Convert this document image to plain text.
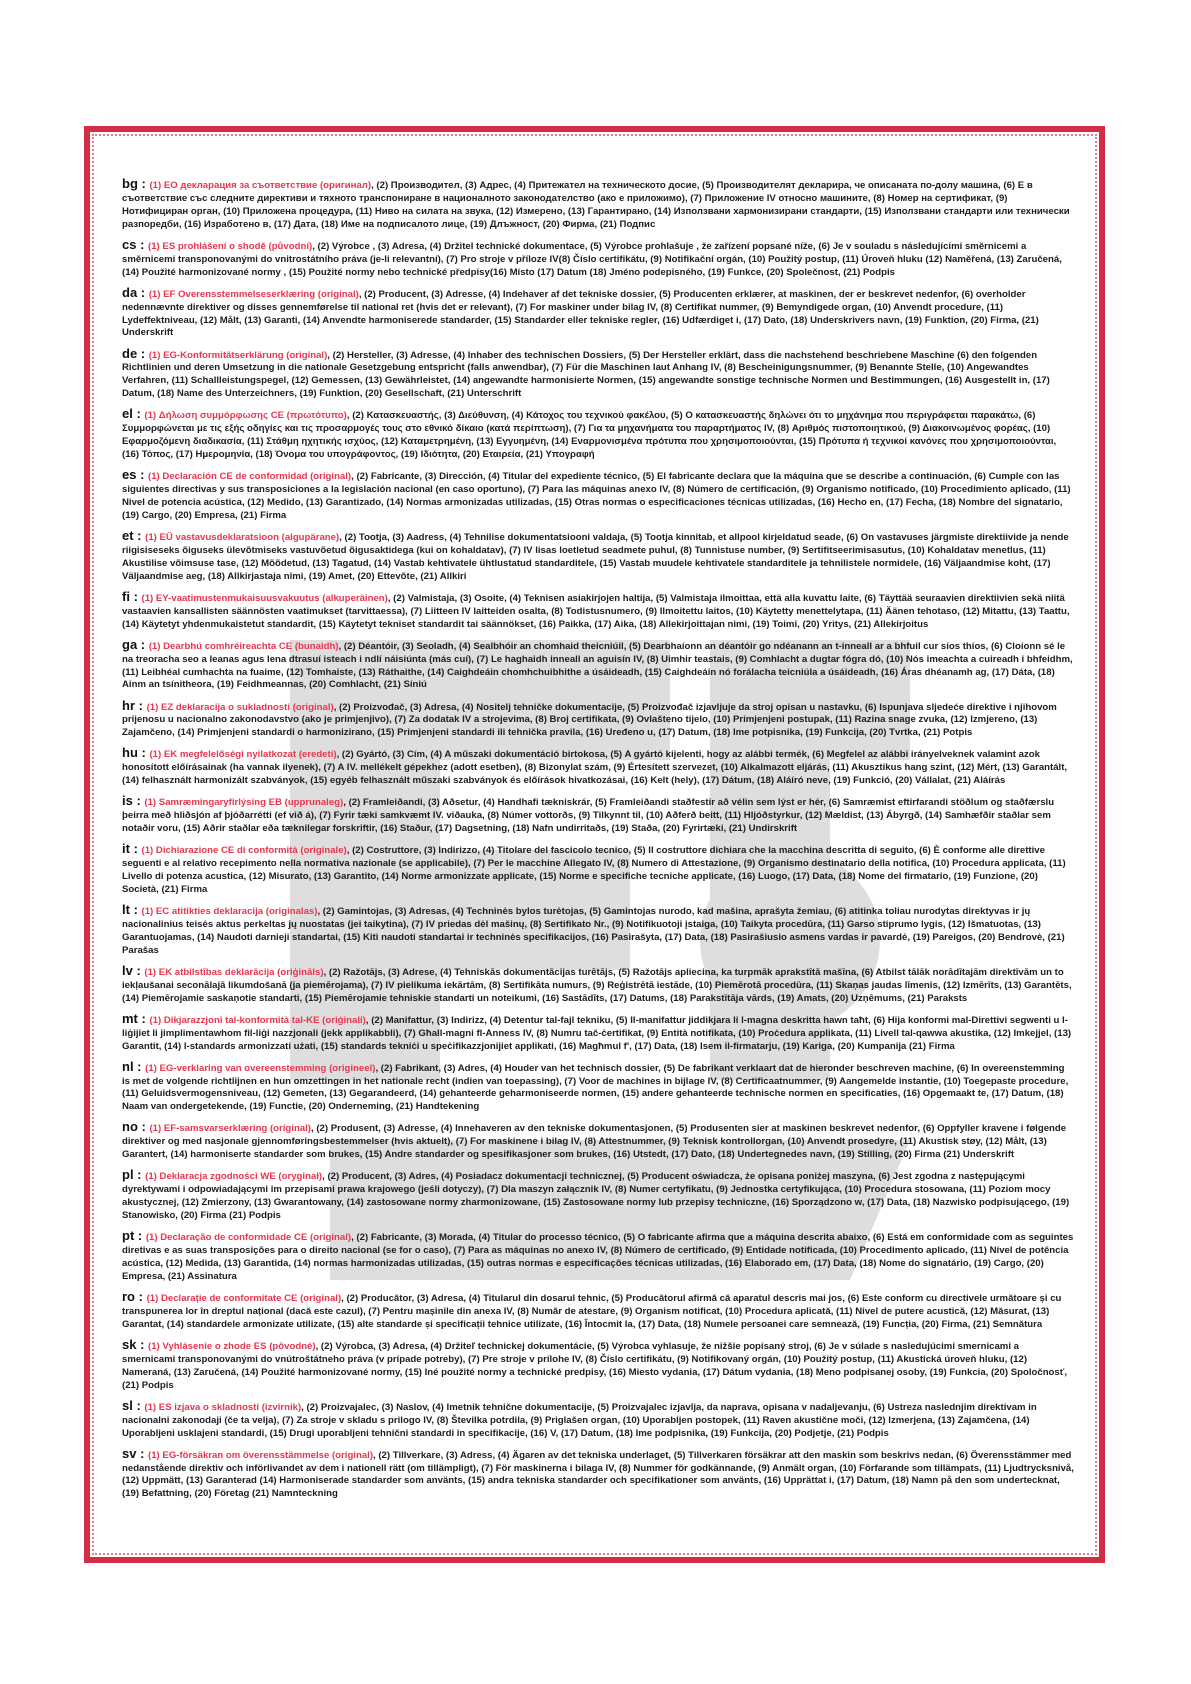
bg : (1) ЕО декларация за съответствие (оригинал), (2) Производител, (3) Адрес, (4) Притежател на техническото досие, (5) Производителят декларира, че описаната по-долу машина, (6) Е в съответствие със следните директиви и тяхното транспониране в националното законодателство (ако е приложимо), (7) Приложение IV относно машините, (8) Номер на сертификат, (9) Нотифициран орган, (10) Приложена процедура, (11) Ниво на силата на звука, (12) Измерено, (13) Гарантирано, (14) Използвани хармонизирани стандарти, (15) Използвани стандарти или технически разпоредби, (16) Изработено в, (17) Дата, (18) Име на подписалото лице, (19) Длъжност, (20) Фирма, (21) Подпис

cs : (1) ES prohlášení o shodě (původní), (2) Výrobce , (3) Adresa, (4) Držitel technické dokumentace, (5) Výrobce prohlašuje , že zařízení popsané níže, (6) Je v souladu s následujícími směrnicemi a směrnicemi transponovanými do vnitrostátního práva (je-li relevantní), (7) Pro stroje v příloze IV(8) Číslo certifikátu, (9) Notifikační orgán, (10) Použitý postup, (11) Úroveň hluku (12) Naměřená, (13) Zaručená, (14) Použité harmonizované normy , (15) Použité normy nebo technické předpisy(16) Místo (17) Datum (18) Jméno podepisného, (19) Funkce, (20) Společnost, (21) Podpis

da : (1) EF Overensstemmelseserklæring (original), (2) Producent, (3) Adresse, (4) Indehaver af det tekniske dossier, (5) Producenten erklærer, at maskinen, der er beskrevet nedenfor, (6) overholder nedennævnte direktiver og disses gennemførelse til national ret (hvis det er relevant), (7) For maskiner under bilag IV, (8) Certifikat nummer, (9) Bemyndigede organ, (10) Anvendt procedure, (11) Lydeffektniveau, (12) Målt, (13) Garanti, (14) Anvendte harmoniserede standarder, (15) Standarder eller tekniske regler, (16) Udfærdiget i, (17) Dato, (18) Underskrivers navn, (19) Funktion, (20) Firma, (21) Underskrift

de : (1) EG-Konformitätserklärung (original), (2) Hersteller, (3) Adresse, (4) Inhaber des technischen Dossiers, (5) Der Hersteller erklärt, dass die nachstehend beschriebene Maschine (6) den folgenden Richtlinien und deren Umsetzung in die nationale Gesetzgebung entspricht (falls anwendbar), (7) Für die Maschinen laut Anhang IV, (8) Bescheinigungsnummer, (9) Benannte Stelle, (10) Angewandtes Verfahren, (11) Schallleistungspegel, (12) Gemessen, (13) Gewährleistet, (14) angewandte harmonisierte Normen, (15) angewandte sonstige technische Normen und Bestimmungen, (16) Ausgestellt in, (17) Datum, (18) Name des Unterzeichners, (19) Funktion, (20) Gesellschaft, (21) Unterschrift

el : (1) Δήλωση συμμόρφωσης CE (πρωτότυπο), (2) Κατασκευαστής, (3) Διεύθυνση, (4) Κάτοχος του τεχνικού φακέλου, (5) Ο κατασκευαστής δηλώνει ότι το μηχάνημα που περιγράφεται παρακάτω, (6) Συμμορφώνεται με τις εξής οδηγίες και τις προσαρμογές τους στο εθνικό δίκαιο (κατά περίπτωση), (7) Για τα μηχανήματα του παραρτήματος IV, (8) Αριθμός πιστοποιητικού, (9) Διακοινωμένος φορέας, (10) Εφαρμοζόμενη διαδικασία, (11) Στάθμη ηχητικής ισχύος, (12) Καταμετρημένη, (13) Εγγυημένη, (14) Εναρμονισμένα πρότυπα που χρησιμοποιούνται, (15) Πρότυπα ή τεχνικοί κανόνες που χρησιμοποιούνται, (16) Τόπος, (17) Ημερομηνία, (18) Όνομα του υπογράφοντος, (19) Ιδιότητα, (20) Εταιρεία, (21) Υπογραφή

es : (1) Declaración CE de conformidad (original), (2) Fabricante, (3) Dirección, (4) Titular del expediente técnico, (5) El fabricante declara que la máquina que se describe a continuación, (6) Cumple con las siguientes directivas y sus transposiciones a la legislación nacional (en caso oportuno), (7) Para las máquinas anexo IV, (8) Número de certificación, (9) Organismo notificado, (10) Procedimiento aplicado, (11) Nivel de potencia acústica, (12) Medido, (13) Garantizado, (14) Normas armonizadas utilizadas, (15) Otras normas o especificaciones técnicas utilizadas, (16) Hecho en, (17) Fecha, (18) Nombre del signatario, (19) Cargo, (20) Empresa, (21) Firma

et : (1) EÜ vastavusdeklaratsioon (algupärane), (2) Tootja, (3) Aadress, (4) Tehnilise dokumentatsiooni valdaja, (5) Tootja kinnitab, et allpool kirjeldatud seade, (6) On vastavuses järgmiste direktiivide ja nende riigisiseseks õiguseks ülevõtmiseks vastuvõetud õigusaktidega (kui on kohaldatav), (7) IV lisas loetletud seadmete puhul, (8) Tunnistuse number, (9) Sertifitseerimisasutus, (10) Kohaldatav menetlus, (11) Akustilise võimsuse tase, (12) Mõõdetud, (13) Tagatud, (14) Vastab kehtivatele ühtlustatud standarditele, (15) Vastab muudele kehtivatele standarditele ja tehnilistele normidele, (16) Väljaandmise koht, (17) Väljaandmise aeg, (18) Allkirjastaja nimi, (19) Amet, (20) Ettevõte, (21) Allkiri

fi : (1) EY-vaatimustenmukaisuusvakuutus (alkuperäinen), (2) Valmistaja, (3) Osoite, (4) Teknisen asiakirjojen haltija, (5) Valmistaja ilmoittaa, että alla kuvattu laite, (6) Täyttää seuraavien direktiivien sekä niitä vastaavien kansallisten säännösten vaatimukset (tarvittaessa), (7) Liitteen IV laitteiden osalta, (8) Todistusnumero, (9) Ilmoitettu laitos, (10) Käytetty menettelytapa, (11) Äänen tehotaso, (12) Mitattu, (13) Taattu, (14) Käytetyt yhdenmukaistetut standardit, (15) Käytetyt tekniset standardit tai säännökset, (16) Paikka, (17) Aika, (18) Allekirjoittajan nimi, (19) Toimi, (20) Yritys, (21) Allekirjoitus

ga : (1) Dearbhú comhréireachta CE (bunaidh), (2) Déantóir, (3) Seoladh, (4) Sealbhóir an chomhaid theicniúil, (5) Dearbhaíonn an déantóir go ndéanann an t-inneall ar a bhfuil cur síos thíos, (6) Cloíonn sé le na treoracha seo a leanas agus lena dtrasuí isteach i ndlí náisiúnta (más cuí), (7) Le haghaidh inneall an aguisín IV, (8) Uimhir teastais, (9) Comhlacht a dugtar fógra dó, (10) Nós imeachta a cuireadh i bhfeidhm, (11) Leibhéal cumhachta na fuaime, (12) Tomhaiste, (13) Ráthaithe, (14) Caighdeáin chomhchuibhithe a úsáideadh, (15) Caighdeáin nó forálacha teicniúla a úsáideadh, (16) Áras dhéanamh ag, (17) Dáta, (18) Ainm an tsínitheora, (19) Feidhmeannas, (20) Comhlacht, (21) Síniú

hr : (1) EZ deklaracija o sukladnosti (original), (2) Proizvođač, (3) Adresa, (4) Nositelj tehničke dokumentacije, (5) Proizvođač izjavljuje da stroj opisan u nastavku, (6) Ispunjava sljedeće direktive i njihovom prijenosu u nacionalno zakonodavstvo (ako je primjenjivo), (7) Za dodatak IV a strojevima, (8) Broj certifikata, (9) Ovlašteno tijelo, (10) Primjenjeni postupak, (11) Razina snage zvuka, (12) Izmjereno, (13) Zajamčeno, (14) Primjenjeni standardi o harmonizirano, (15) Primjenjeni standardi ili tehnička pravila, (16) Uređeno u, (17) Datum, (18) Ime potpisnika, (19) Funkcija, (20) Tvrtka, (21) Potpis

hu : (1) EK megfelelőségi nyilatkozat (eredeti), (2) Gyártó, (3) Cím, (4) A műszaki dokumentáció birtokosa, (5) A gyártó kijelenti, hogy az alábbi termék, (6) Megfelel az alábbi irányelveknek valamint azok honosított előírásainak (ha vannak ilyenek), (7) A IV. mellékelt gépekhez (adott esetben), (8) Bizonylat szám, (9) Értesített szervezet, (10) Alkalmazott eljárás, (11) Akusztikus hang szint, (12) Mért, (13) Garantált, (14) felhasznált harmonizált szabványok, (15) egyéb felhasznált műszaki szabványok és előírások hivatkozásai, (16) Kelt (hely), (17) Dátum, (18) Aláíró neve, (19) Funkció, (20) Vállalat, (21) Aláírás

is : (1) Samræmingaryfirlýsing EB (upprunaleg), (2) Framleiðandi, (3) Aðsetur, (4) Handhafi tækniskrár, (5) Framleiðandi staðfestir að vélin sem lýst er hér, (6) Samræmist eftirfarandi stöðlum og staðfærslu þeirra með hliðsjón af þjóðarrétti (ef við á), (7) Fyrir tæki samkvæmt IV. viðauka, (8) Númer vottorðs, (9) Tilkynnt til, (10) Aðferð beitt, (11) Hljóðstyrkur, (12) Mældist, (13) Ábyrgð, (14) Samhæfðir staðlar sem notaðir voru, (15) Aðrir staðlar eða tæknilegar forskriftir, (16) Staður, (17) Dagsetning, (18) Nafn undirritaðs, (19) Staða, (20) Fyrirtæki, (21) Undirskrift

it : (1) Dichiarazione CE di conformità (originale), (2) Costruttore, (3) Indirizzo, (4) Titolare del fascicolo tecnico, (5) Il costruttore dichiara che la macchina descritta di seguito, (6) È conforme alle direttive seguenti e al relativo recepimento nella normativa nazionale (se applicabile), (7) Per le macchine Allegato IV, (8) Numero di Attestazione, (9) Organismo destinatario della notifica, (10) Procedura applicata, (11) Livello di potenza acustica, (12) Misurato, (13) Garantito, (14) Norme armonizzate applicate, (15) Norme e specifiche tecniche applicate, (16) Luogo, (17) Data, (18) Nome del firmatario, (19) Funzione, (20) Società, (21) Firma

lt : (1) EC atitikties deklaracija (originalas), (2) Gamintojas, (3) Adresas, (4) Techninės bylos turėtojas, (5) Gamintojas nurodo, kad mašina, aprašyta žemiau, (6) atitinka toliau nurodytas direktyvas ir jų nacionalinius teisės aktus perkeltas jų nuostatas (jei taikytina), (7) IV priedas dėl mašinų, (8) Sertifikato Nr., (9) Notifikuotoji įstaiga, (10) Taikyta procedūra, (11) Garso stiprumo lygis, (12) Išmatuotas, (13) Garantuojamas, (14) Naudoti darnieji standartai, (15) Kiti naudoti standartai ir techninės specifikacijos, (16) Pasirašyta, (17) Data, (18) Pasirašiusio asmens vardas ir pavardė, (19) Pareigos, (20) Bendrovė, (21) Parašas

lv : (1) EK atbilstības deklarācija (oriģināls), (2) Ražotājs, (3) Adrese, (4) Tehniskās dokumentācijas turētājs, (5) Ražotājs apliecina, ka turpmāk aprakstītā mašīna, (6) Atbilst tālāk norādītajām direktīvām un to iekļaušanai seconālajā likumdošanā (ja piemērojama), (7) IV pielikuma iekārtām, (8) Sertifikāta numurs, (9) Reģistrētā iestāde, (10) Piemērotā procedūra, (11) Skaņas jaudas līmenis, (12) Izmērīts, (13) Garantēts, (14) Piemērojamie saskaņotie standarti, (15) Piemērojamie tehniskie standarti un noteikumi, (16) Sastādīts, (17) Datums, (18) Parakstītāja vārds, (19) Amats, (20) Uzņēmums, (21) Paraksts

mt : (1) Dikjarazzjoni tal-konformità tal-KE (oriġinali), (2) Manifattur, (3) Indirizz, (4) Detentur tal-fajl tekniku, (5) Il-manifattur jiddikjara li l-magna deskritta hawn taħt, (6) Hija konformi mal-Direttivi segwenti u l-liġijiet li jimplimentawhom fil-liġi nazzjonali (jekk applikabbli), (7) Għall-magni fl-Anness IV, (8) Numru tač-ċertifikat, (9) Entità notifikata, (10) Proċedura applikata, (11) Livell tal-qawwa akustika, (12) Imkejjel, (13) Garantit, (14) l-standards armonizzati użati, (15) standards tekniċi u speċifikazzjonijiet applikati, (16) Magħmul f', (17) Data, (18) Isem il-firmatarju, (19) Kariga, (20) Kumpanija (21) Firma

nl : (1) EG-verklaring van overeenstemming (origineel), (2) Fabrikant, (3) Adres, (4) Houder van het technisch dossier, (5) De fabrikant verklaart dat de hieronder beschreven machine, (6) In overeenstemming is met de volgende richtlijnen en hun omzettingen in het nationale recht (indien van toepassing), (7) Voor de machines in bijlage IV, (8) Certificaatnummer, (9) Aangemelde instantie, (10) Toegepaste procedure, (11) Geluidsvermogensniveau, (12) Gemeten, (13) Gegarandeerd, (14) gehanteerde geharmoniseerde normen, (15) andere gehanteerde technische normen en specificaties, (16) Opgemaakt te, (17) Datum, (18) Naam van ondergetekende, (19) Functie, (20) Onderneming, (21) Handtekening

no : (1) EF-samsvarserklæring (original), (2) Produsent, (3) Adresse, (4) Innehaveren av den tekniske dokumentasjonen, (5) Produsenten sier at maskinen beskrevet nedenfor, (6) Oppfyller kravene i følgende direktiver og med nasjonale gjennomføringsbestemmelser (hvis aktuelt), (7) For maskinene i bilag IV, (8) Attestnummer, (9) Teknisk kontrollorgan, (10) Anvendt prosedyre, (11) Akustisk støy, (12) Målt, (13) Garantert, (14) harmoniserte standarder som brukes, (15) Andre standarder og spesifikasjoner som brukes, (16) Utstedt, (17) Dato, (18) Undertegnedes navn, (19) Stilling, (20) Firma (21) Underskrift

pl : (1) Deklaracja zgodności WE (oryginał), (2) Producent, (3) Adres, (4) Posiadacz dokumentacji technicznej, (5) Producent oświadcza, że opisana poniżej maszyna, (6) Jest zgodna z następującymi dyrektywami i odpowiadającymi im przepisami prawa krajowego (jeśli dotyczy), (7) Dla maszyn załącznik IV, (8) Numer certyfikatu, (9) Jednostka certyfikująca, (10) Procedura stosowana, (11) Poziom mocy akustycznej, (12) Zmierzony, (13) Gwarantowany, (14) zastosowane normy zharmonizowane, (15) Zastosowane normy lub przepisy techniczne, (16) Sporządzono w, (17) Data, (18) Nazwisko podpisującego, (19) Stanowisko, (20) Firma (21) Podpis

pt : (1) Declaração de conformidade CE (original), (2) Fabricante, (3) Morada, (4) Titular do processo técnico, (5) O fabricante afirma que a máquina descrita abaixo, (6) Está em conformidade com as seguintes diretivas e as suas transposições para o direito nacional (se for o caso), (7) Para as máquinas no anexo IV, (8) Número de certificado, (9) Entidade notificada, (10) Procedimento aplicado, (11) Nível de potência acústica, (12) Medida, (13) Garantida, (14) normas harmonizadas utilizadas, (15) outras normas e especificações técnicas utilizadas, (16) Elaborado em, (17) Data, (18) Nome do signatário, (19) Cargo, (20) Empresa, (21) Assinatura

ro : (1) Declarație de conformitate CE (original), (2) Producător, (3) Adresa, (4) Titularul din dosarul tehnic, (5) Producătorul afirmă că aparatul descris mai jos, (6) Este conform cu directivele următoare și cu transpunerea lor în dreptul național (dacă este cazul), (7) Pentru mașinile din anexa IV, (8) Număr de atestare, (9) Organism notificat, (10) Procedura aplicată, (11) Nivel de putere acustică, (12) Măsurat, (13) Garantat, (14) standardele armonizate utilizate, (15) alte standarde și specificații tehnice utilizate, (16) Întocmit la, (17) Data, (18) Numele persoanei care semnează, (19) Funcția, (20) Firma, (21) Semnătura

sk : (1) Vyhlásenie o zhode ES (pôvodné), (2) Výrobca, (3) Adresa, (4) Držiteľ technickej dokumentácie, (5) Výrobca vyhlasuje, že nižšie popísaný stroj, (6) Je v súlade s nasledujúcimi smernicami a smernicami transponovanými do vnútroštátneho práva (v prípade potreby), (7) Pre stroje v prílohe IV, (8) Číslo certifikátu, (9) Notifikovaný orgán, (10) Použitý postup, (11) Akustická úroveň hluku, (12) Nameraná, (13) Zaručená, (14) Použité harmonizované normy, (15) Iné použité normy a technické predpisy, (16) Miesto vydania, (17) Dátum vydania, (18) Meno podpisanej osoby, (19) Funkcia, (20) Spoločnosť, (21) Podpis

sl : (1) ES izjava o skladnosti (izvirnik), (2) Proizvajalec, (3) Naslov, (4) Imetnik tehnične dokumentacije, (5) Proizvajalec izjavlja, da naprava, opisana v nadaljevanju, (6) Ustreza naslednjim direktivam in nacionalni zakonodaji (če ta velja), (7) Za stroje v skladu s prilogo IV, (8) Številka potrdila, (9) Priglašen organ, (10) Uporabljen postopek, (11) Raven akustične moči, (12) Izmerjena, (13) Zajamčena, (14) Uporabljeni usklajeni standardi, (15) Drugi uporabljeni tehnični standardi in specifikacije, (16) V, (17) Datum, (18) Ime podpisnika, (19) Funkcija, (20) Podjetje, (21) Podpis

sv : (1) EG-försäkran om överensstämmelse (original), (2) Tillverkare, (3) Adress, (4) Ägaren av det tekniska underlaget, (5) Tillverkaren försäkrar att den maskin som beskrivs nedan, (6) Överensstämmer med nedanstående direktiv och införlivandet av dem i nationell rätt (om tillämpligt), (7) För maskinerna i bilaga IV, (8) Nummer för godkännande, (9) Anmält organ, (10) Förfarande som tillämpats, (11) Ljudtrycksnivå, (12) Uppmätt, (13) Garanterad (14) Harmoniserade standarder som använts, (15) andra tekniska standarder och specifikationer som använts, (16) Upprättat i, (17) Datum, (18) Namn på den som undertecknat, (19) Befattning, (20) Företag (21) Namnteckning
